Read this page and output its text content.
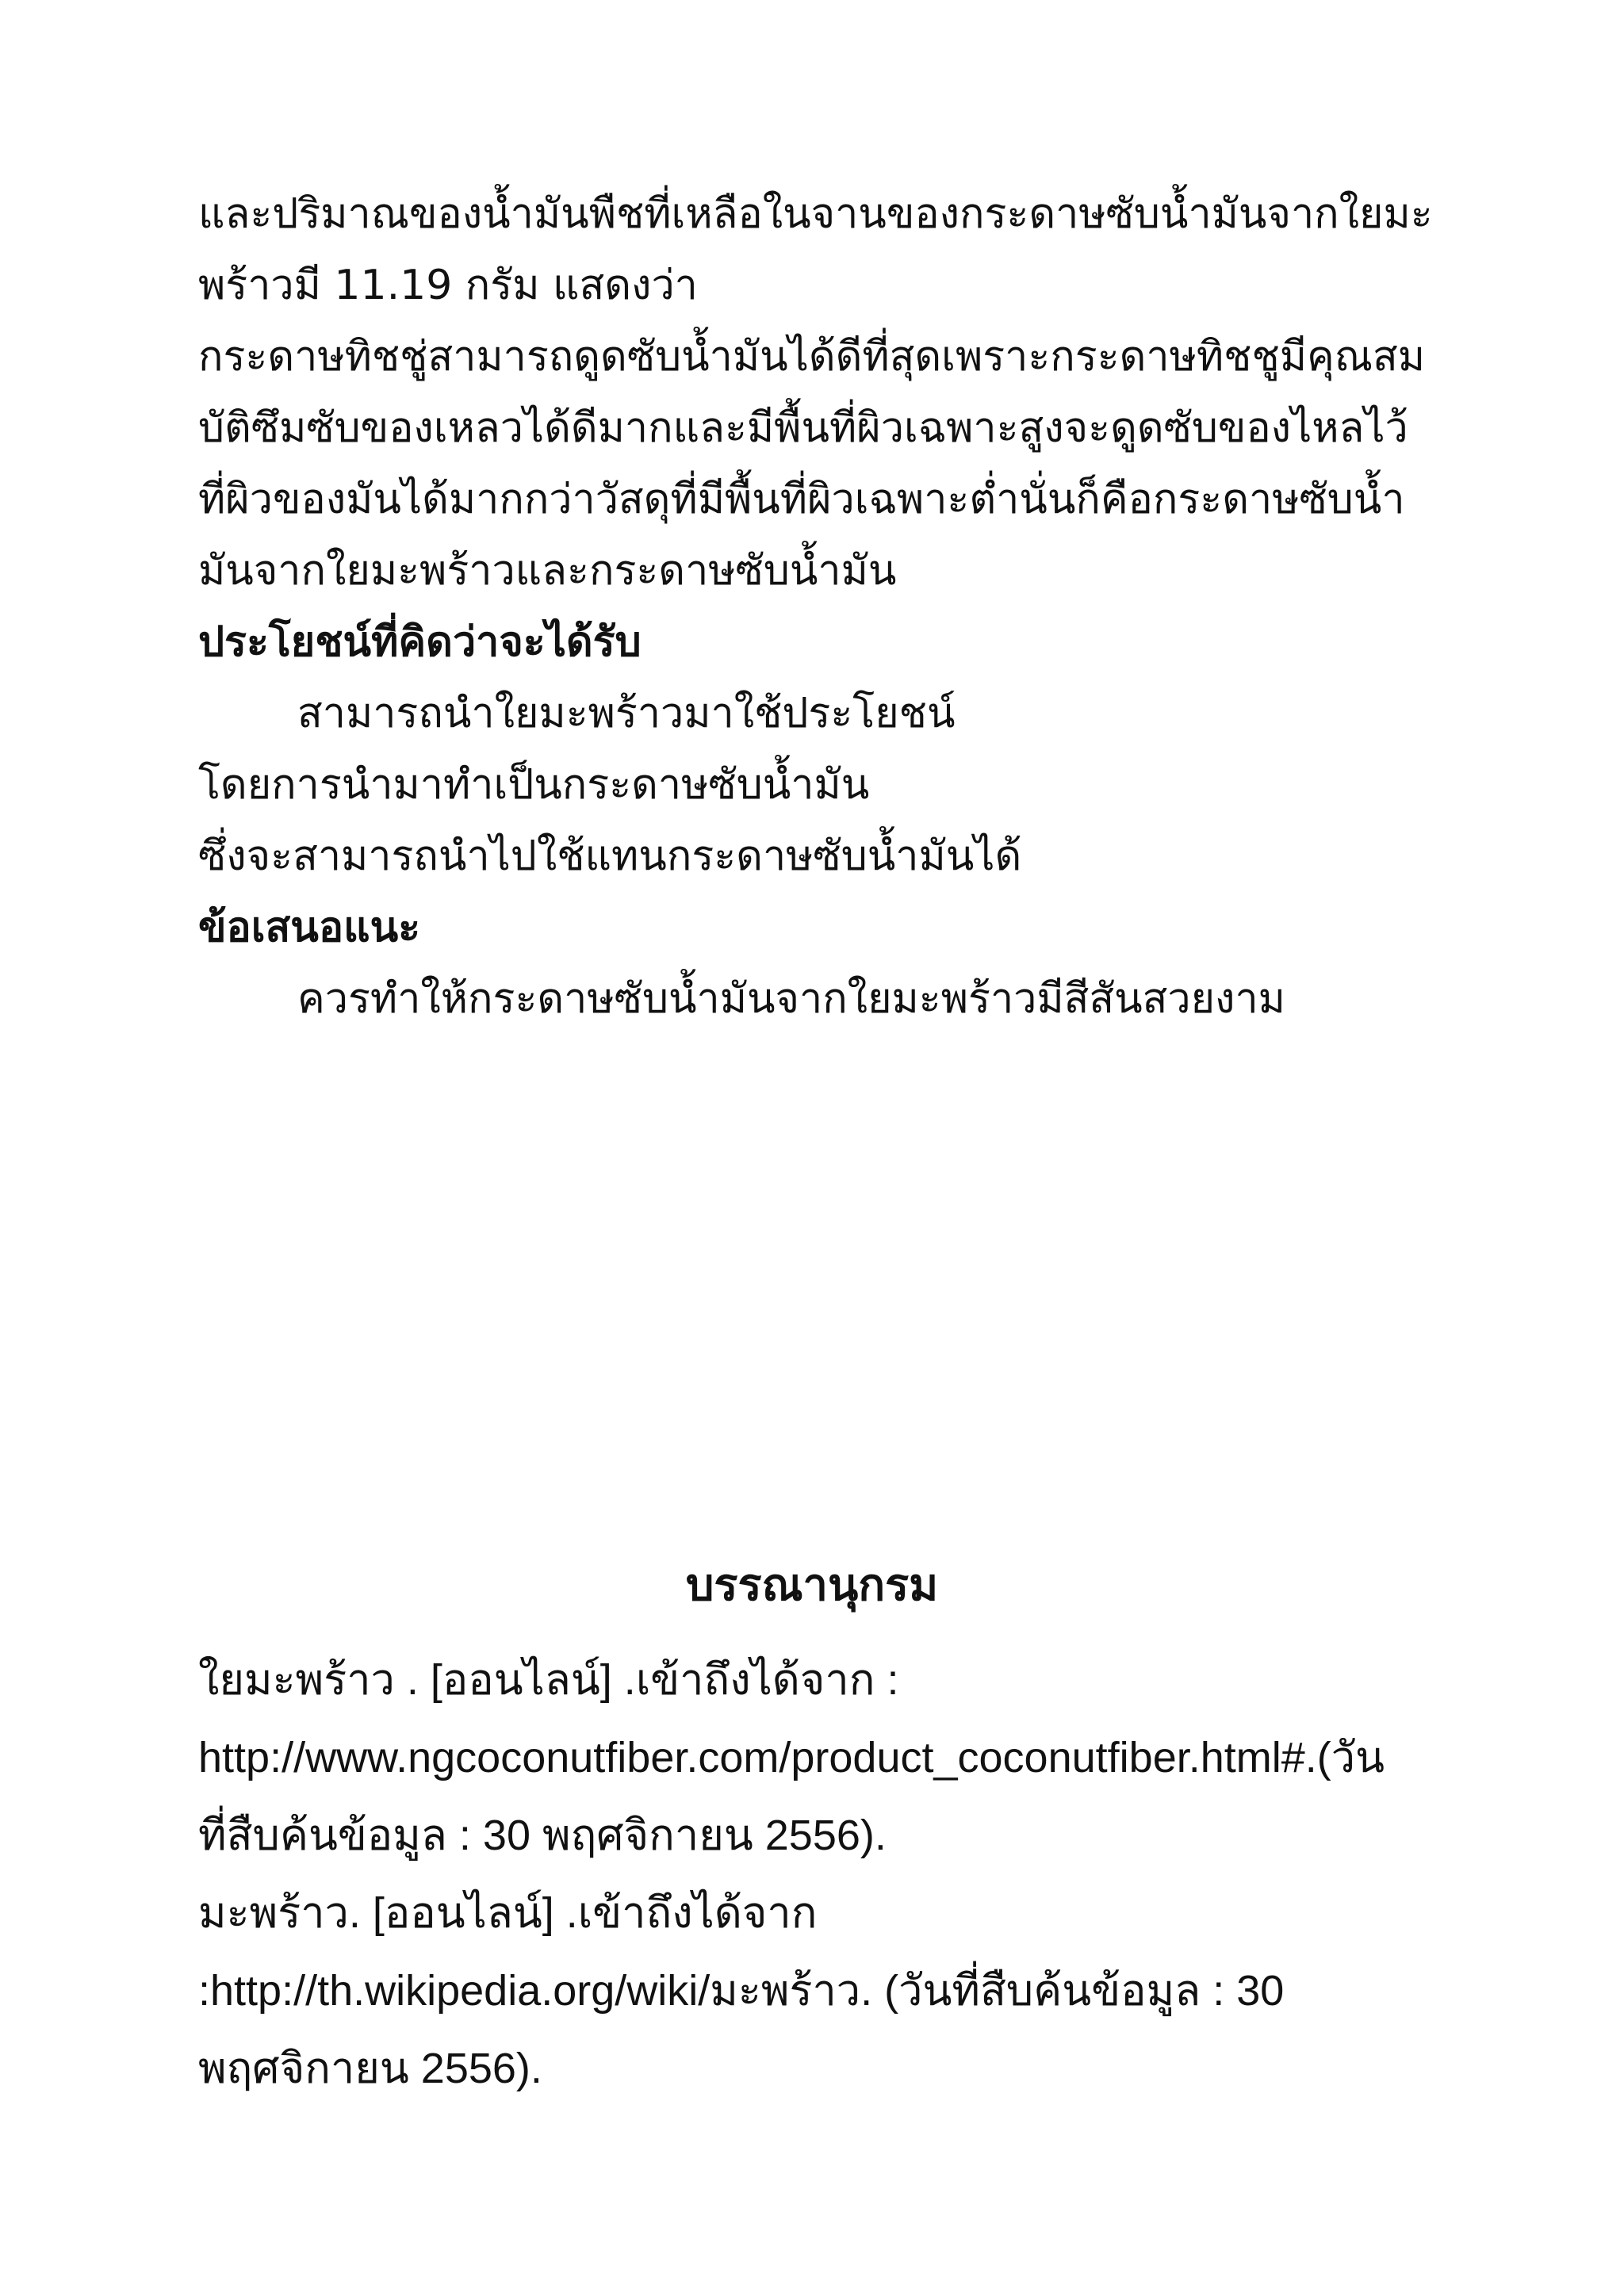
และปริมาณของน้ำมันพืชที่เหลือในจานของกระดาษซับน้ำมันจากใยมะ
พร้าวมี 11.19 กรัม แสดงว่า
กระดาษทิชชู่สามารถดูดซับน้ำมันได้ดีที่สุดเพราะกระดาษทิชชูมีคุณสม
บัติซึมซับของเหลวได้ดีมากและมีพื้นที่ผิวเฉพาะสูงจะดูดซับของไหลไว้
ที่ผิวของมันได้มากกว่าวัสดุที่มีพื้นที่ผิวเฉพาะต่ำนั่นก็คือกระดาษซับน้ำ
มันจากใยมะพร้าวและกระดาษซับน้ำมัน

ประโยชน์ที่คิดว่าจะได้รับ

สามารถนำใยมะพร้าวมาใช้ประโยชน์
โดยการนำมาทำเป็นกระดาษซับน้ำมัน
ซึ่งจะสามารถนำไปใช้แทนกระดาษซับน้ำมันได้

ข้อเสนอแนะ

ควรทำให้กระดาษซับน้ำมันจากใยมะพร้าวมีสีสันสวยงาม

บรรณานุกรม
ใยมะพร้าว . [ออนไลน์] .เข้าถึงได้จาก :
http://www.ngcoconutfiber.com/product_coconutfiber.html#.(วัน
ที่สืบค้นข้อมูล : 30 พฤศจิกายน 2556).
มะพร้าว. [ออนไลน์] .เข้าถึงได้จาก
:http://th.wikipedia.org/wiki/มะพร้าว. (วันที่สืบค้นข้อมูล : 30
พฤศจิกายน 2556).
